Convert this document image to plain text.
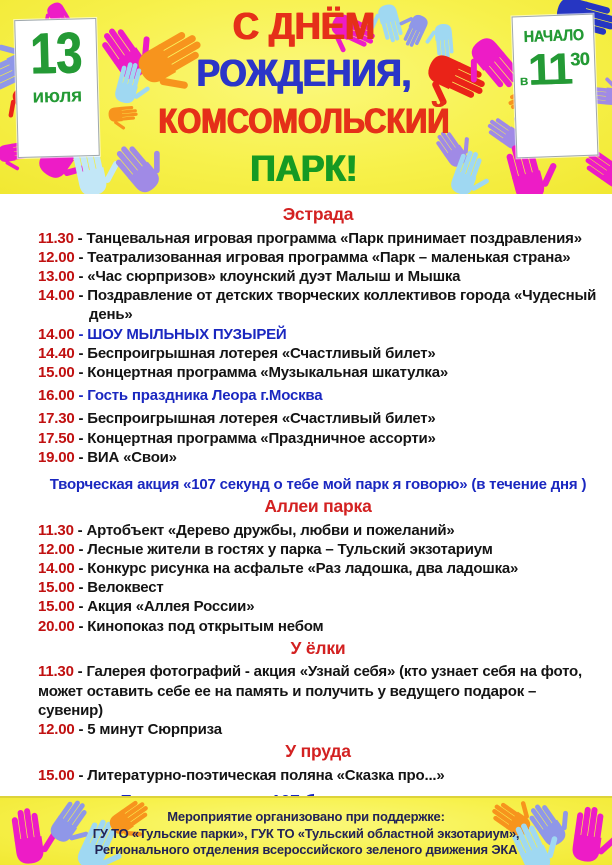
13
июля
С ДНЁМ
РОЖДЕНИЯ,
КОМСОМОЛЬСКИЙ
ПАРК!
НАЧАЛО
в1130
Эстрада

11.30 - Танцевальная игровая программа «Парк принимает поздравления»

12.00 - Театрализованная игровая программа «Парк – маленькая страна»

13.00 - «Час сюрпризов» клоунский дуэт Малыш и Мышка

14.00 - Поздравление от детских творческих коллективов города «Чудесный день»

14.00 - ШОУ МЫЛЬНЫХ ПУЗЫРЕЙ

14.40 - Беспроигрышная лотерея «Счастливый билет»

15.00 - Концертная программа «Музыкальная шкатулка»

16.00 - Гость праздника Леора г.Москва

17.30 - Беспроигрышная лотерея «Счастливый билет»

17.50 - Концертная программа «Праздничное ассорти»

19.00 - ВИА «Свои»

Творческая акция «107 секунд о тебе мой парк я говорю» (в течение дня )

Аллеи парка

11.30 - Артобъект «Дерево дружбы, любви и пожеланий»

12.00 - Лесные жители в гостях у парка – Тульский экзотариум

14.00 - Конкурс рисунка на асфальте «Раз ладошка, два ладошка»

15.00 - Велоквест

15.00 - Акция «Аллея России»

20.00 - Кинопоказ под открытым небом

У ёлки

11.30 - Галерея фотографий - акция «Узнай себя» (кто узнает себя на фото, может оставить себе ее на память и получить у ведущего подарок – сувенир)

12.00 - 5 минут Сюрприза

У пруда

15.00 - Литературно-поэтическая поляна «Сказка про...»

Мероприятие организовано при поддержке:
ГУ ТО «Тульские парки», ГУК ТО «Тульский областной экзотариум»,
Регионального отделения всероссийского зеленого движения ЭКА
